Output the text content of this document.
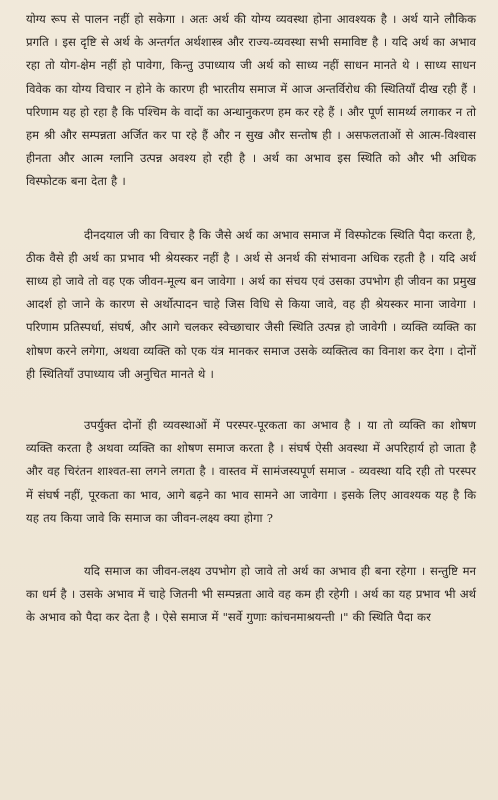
योग्य रूप से पालन नहीं हो सकेगा । अतः अर्थ की योग्य व्यवस्था होना आवश्यक है । अर्थ याने लौकिक प्रगति । इस दृष्टि से अर्थ के अन्तर्गत अर्थशास्त्र और राज्य-व्यवस्था सभी समाविष्ट है । यदि अर्थ का अभाव रहा तो योग-क्षेम नहीं हो पावेगा, किन्तु उपाध्याय जी अर्थ को साध्य नहीं साधन मानते थे । साध्य साधन विवेक का योग्य विचार न होने के कारण ही भारतीय समाज में आज अन्तर्विरोध की स्थितियाँ दीख रही हैं । परिणाम यह हो रहा है कि पश्चिम के वादों का अन्धानुकरण हम कर रहे हैं । और पूर्ण सामर्थ्य लगाकर न तो हम श्री और सम्पन्नता अर्जित कर पा रहे हैं और न सुख और सन्तोष ही । असफलताओं से आत्म-विश्वास हीनता और आत्म ग्लानि उत्पन्न अवश्य हो रही है । अर्थ का अभाव इस स्थिति को और भी अधिक विस्फोटक बना देता है ।

दीनदयाल जी का विचार है कि जैसे अर्थ का अभाव समाज में विस्फोटक स्थिति पैदा करता है, ठीक वैसे ही अर्थ का प्रभाव भी श्रेयस्कर नहीं है । अर्थ से अनर्थ की संभावना अधिक रहती है । यदि अर्थ साध्य हो जावे तो वह एक जीवन-मूल्य बन जावेगा । अर्थ का संचय एवं उसका उपभोग ही जीवन का प्रमुख आदर्श हो जाने के कारण से अर्थोत्पादन चाहे जिस विधि से किया जावे, वह ही श्रेयस्कर माना जावेगा । परिणाम प्रतिस्पर्धा, संघर्ष, और आगे चलकर स्वेच्छाचार जैसी स्थिति उत्पन्न हो जावेगी । व्यक्ति व्यक्ति का शोषण करने लगेगा, अथवा व्यक्ति को एक यंत्र मानकर समाज उसके व्यक्तित्व का विनाश कर देगा । दोनों ही स्थितियाँ उपाध्याय जी अनुचित मानते थे ।

उपर्युक्त दोनों ही व्यवस्थाओं में परस्पर-पूरकता का अभाव है । या तो व्यक्ति का शोषण व्यक्ति करता है अथवा व्यक्ति का शोषण समाज करता है । संघर्ष ऐसी अवस्था में अपरिहार्य हो जाता है और वह चिरंतन शाश्वत-सा लगने लगता है । वास्तव में सामंजस्यपूर्ण समाज - व्यवस्था यदि रही तो परस्पर में संघर्ष नहीं, पूरकता का भाव, आगे बढ़ने का भाव सामने आ जावेगा । इसके लिए आवश्यक यह है कि यह तय किया जावे कि समाज का जीवन-लक्ष्य क्या होगा ?

यदि समाज का जीवन-लक्ष्य उपभोग हो जावे तो अर्थ का अभाव ही बना रहेगा । सन्तुष्टि मन का धर्म है । उसके अभाव में चाहे जितनी भी सम्पन्नता आवे वह कम ही रहेगी । अर्थ का यह प्रभाव भी अर्थ के अभाव को पैदा कर देता है । ऐसे समाज में "सर्वे गुणाः कांचनमाश्रयन्ती ।" की स्थिति पैदा कर
